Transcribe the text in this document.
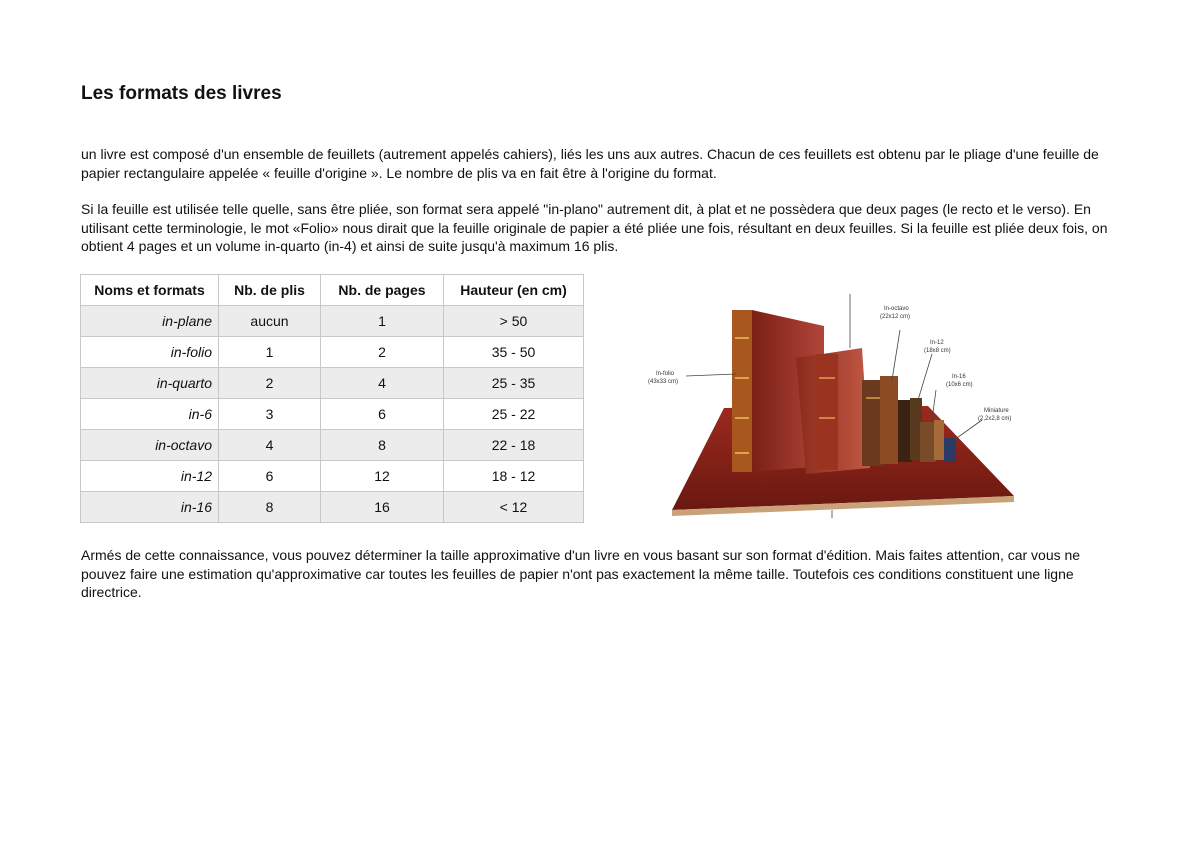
Les formats des livres

un livre est composé d'un ensemble de feuillets (autrement appelés cahiers), liés les uns aux autres. Chacun de ces feuillets est obtenu par le pliage d'une feuille de papier rectangulaire appelée « feuille d'origine ». Le nombre de plis va en fait être à l'origine du format.

Si la feuille est utilisée telle quelle, sans être pliée, son format sera appelé "in-plano" autrement dit, à plat et ne possèdera que deux pages (le recto et le verso). En utilisant cette terminologie, le mot «Folio» nous dirait que la feuille originale de papier a été pliée une fois, résultant en deux feuilles. Si la feuille est pliée deux fois, on obtient 4 pages et un volume in-quarto (in-4) et ainsi de suite jusqu'à maximum 16 plis.

Noms et formats	Nb. de plis	Nb. de pages	Hauteur (en cm)
in-plane	aucun	1	> 50
in-folio	1	2	35 - 50
in-quarto	2	4	25 - 35
in-6	3	6	25 - 22
in-octavo	4	8	22 - 18
in-12	6	12	18 - 12
in-16	8	16	< 12
In-folio
(43x33 cm)
In-octavo
(22x12 cm)
In-12
(18x8 cm)
In-16
(10x6 cm)
Miniature
(2,2x2,8 cm)

Armés de cette connaissance, vous pouvez déterminer la taille approximative d'un livre en vous basant sur son format d'édition. Mais faites attention, car vous ne pouvez faire une estimation qu'approximative car toutes les feuilles de papier n'ont pas exactement la même taille. Toutefois ces conditions constituent une ligne directrice.
